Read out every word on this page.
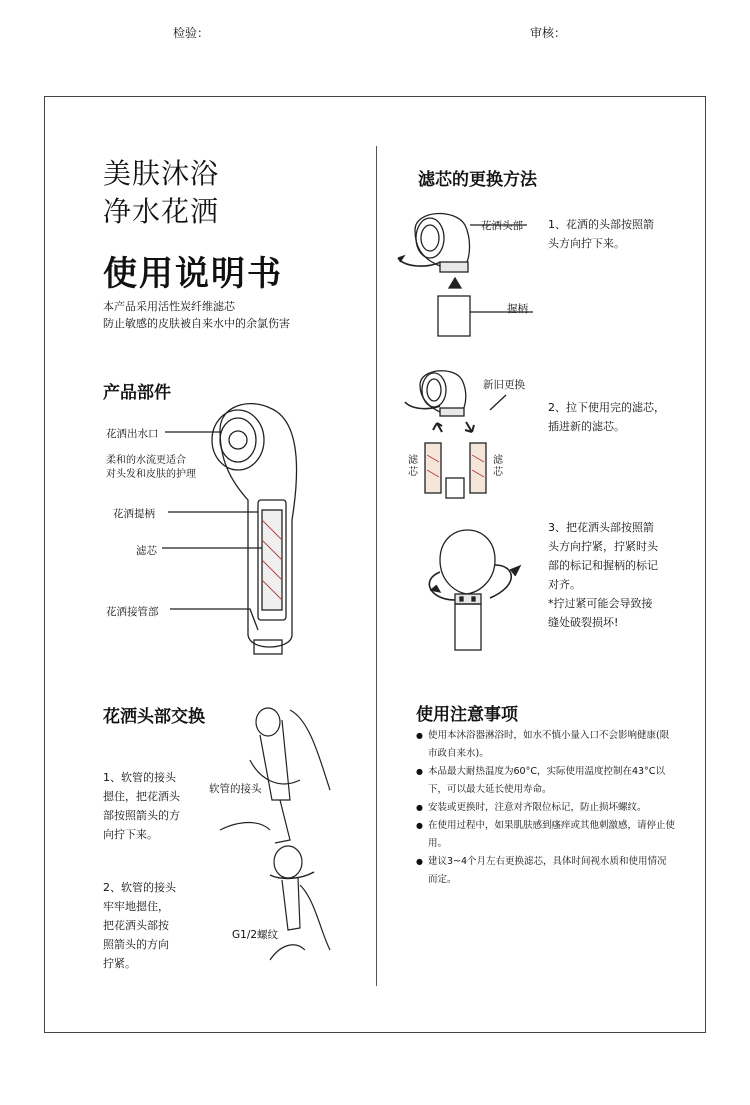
检验：	审核：
美肤沐浴
净水花洒
使用说明书
本产品采用活性炭纤维滤芯
防止敏感的皮肤被自来水中的余氯伤害
产品部件
花洒出水口
柔和的水流更适合
对头发和皮肤的护理
花洒提柄
滤芯
花洒接管部
花洒头部交换
1、软管的接头
摁住，把花洒头
部按照箭头的方
向拧下来。
软管的接头
2、软管的接头
牢牢地摁住，
把花洒头部按
照箭头的方向
拧紧。
G1/2螺纹
滤芯的更换方法
花洒头部 1、花洒的头部按照箭
头方向拧下来。
握柄
新旧更换
滤芯
滤芯
2、拉下使用完的滤芯，
插进新的滤芯。
3、把花洒头部按照箭
头方向拧紧，拧紧时头
部的标记和握柄的标记
对齐。
*拧过紧可能会导致接
缝处破裂损坏!
使用注意事项
● 使用本沐浴器淋浴时，如水不慎小量入口不会影响健康(限市政自来水)。
● 本品最大耐热温度为60°C，实际使用温度控制在43°C以下，可以最大延长使用寿命。
● 安装或更换时，注意对齐限位标记，防止损坏螺纹。
● 在使用过程中，如果肌肤感到瘙痒或其他刺激感，请停止使用。
● 建议3~4个月左右更换滤芯，具体时间视水质和使用情况而定。
